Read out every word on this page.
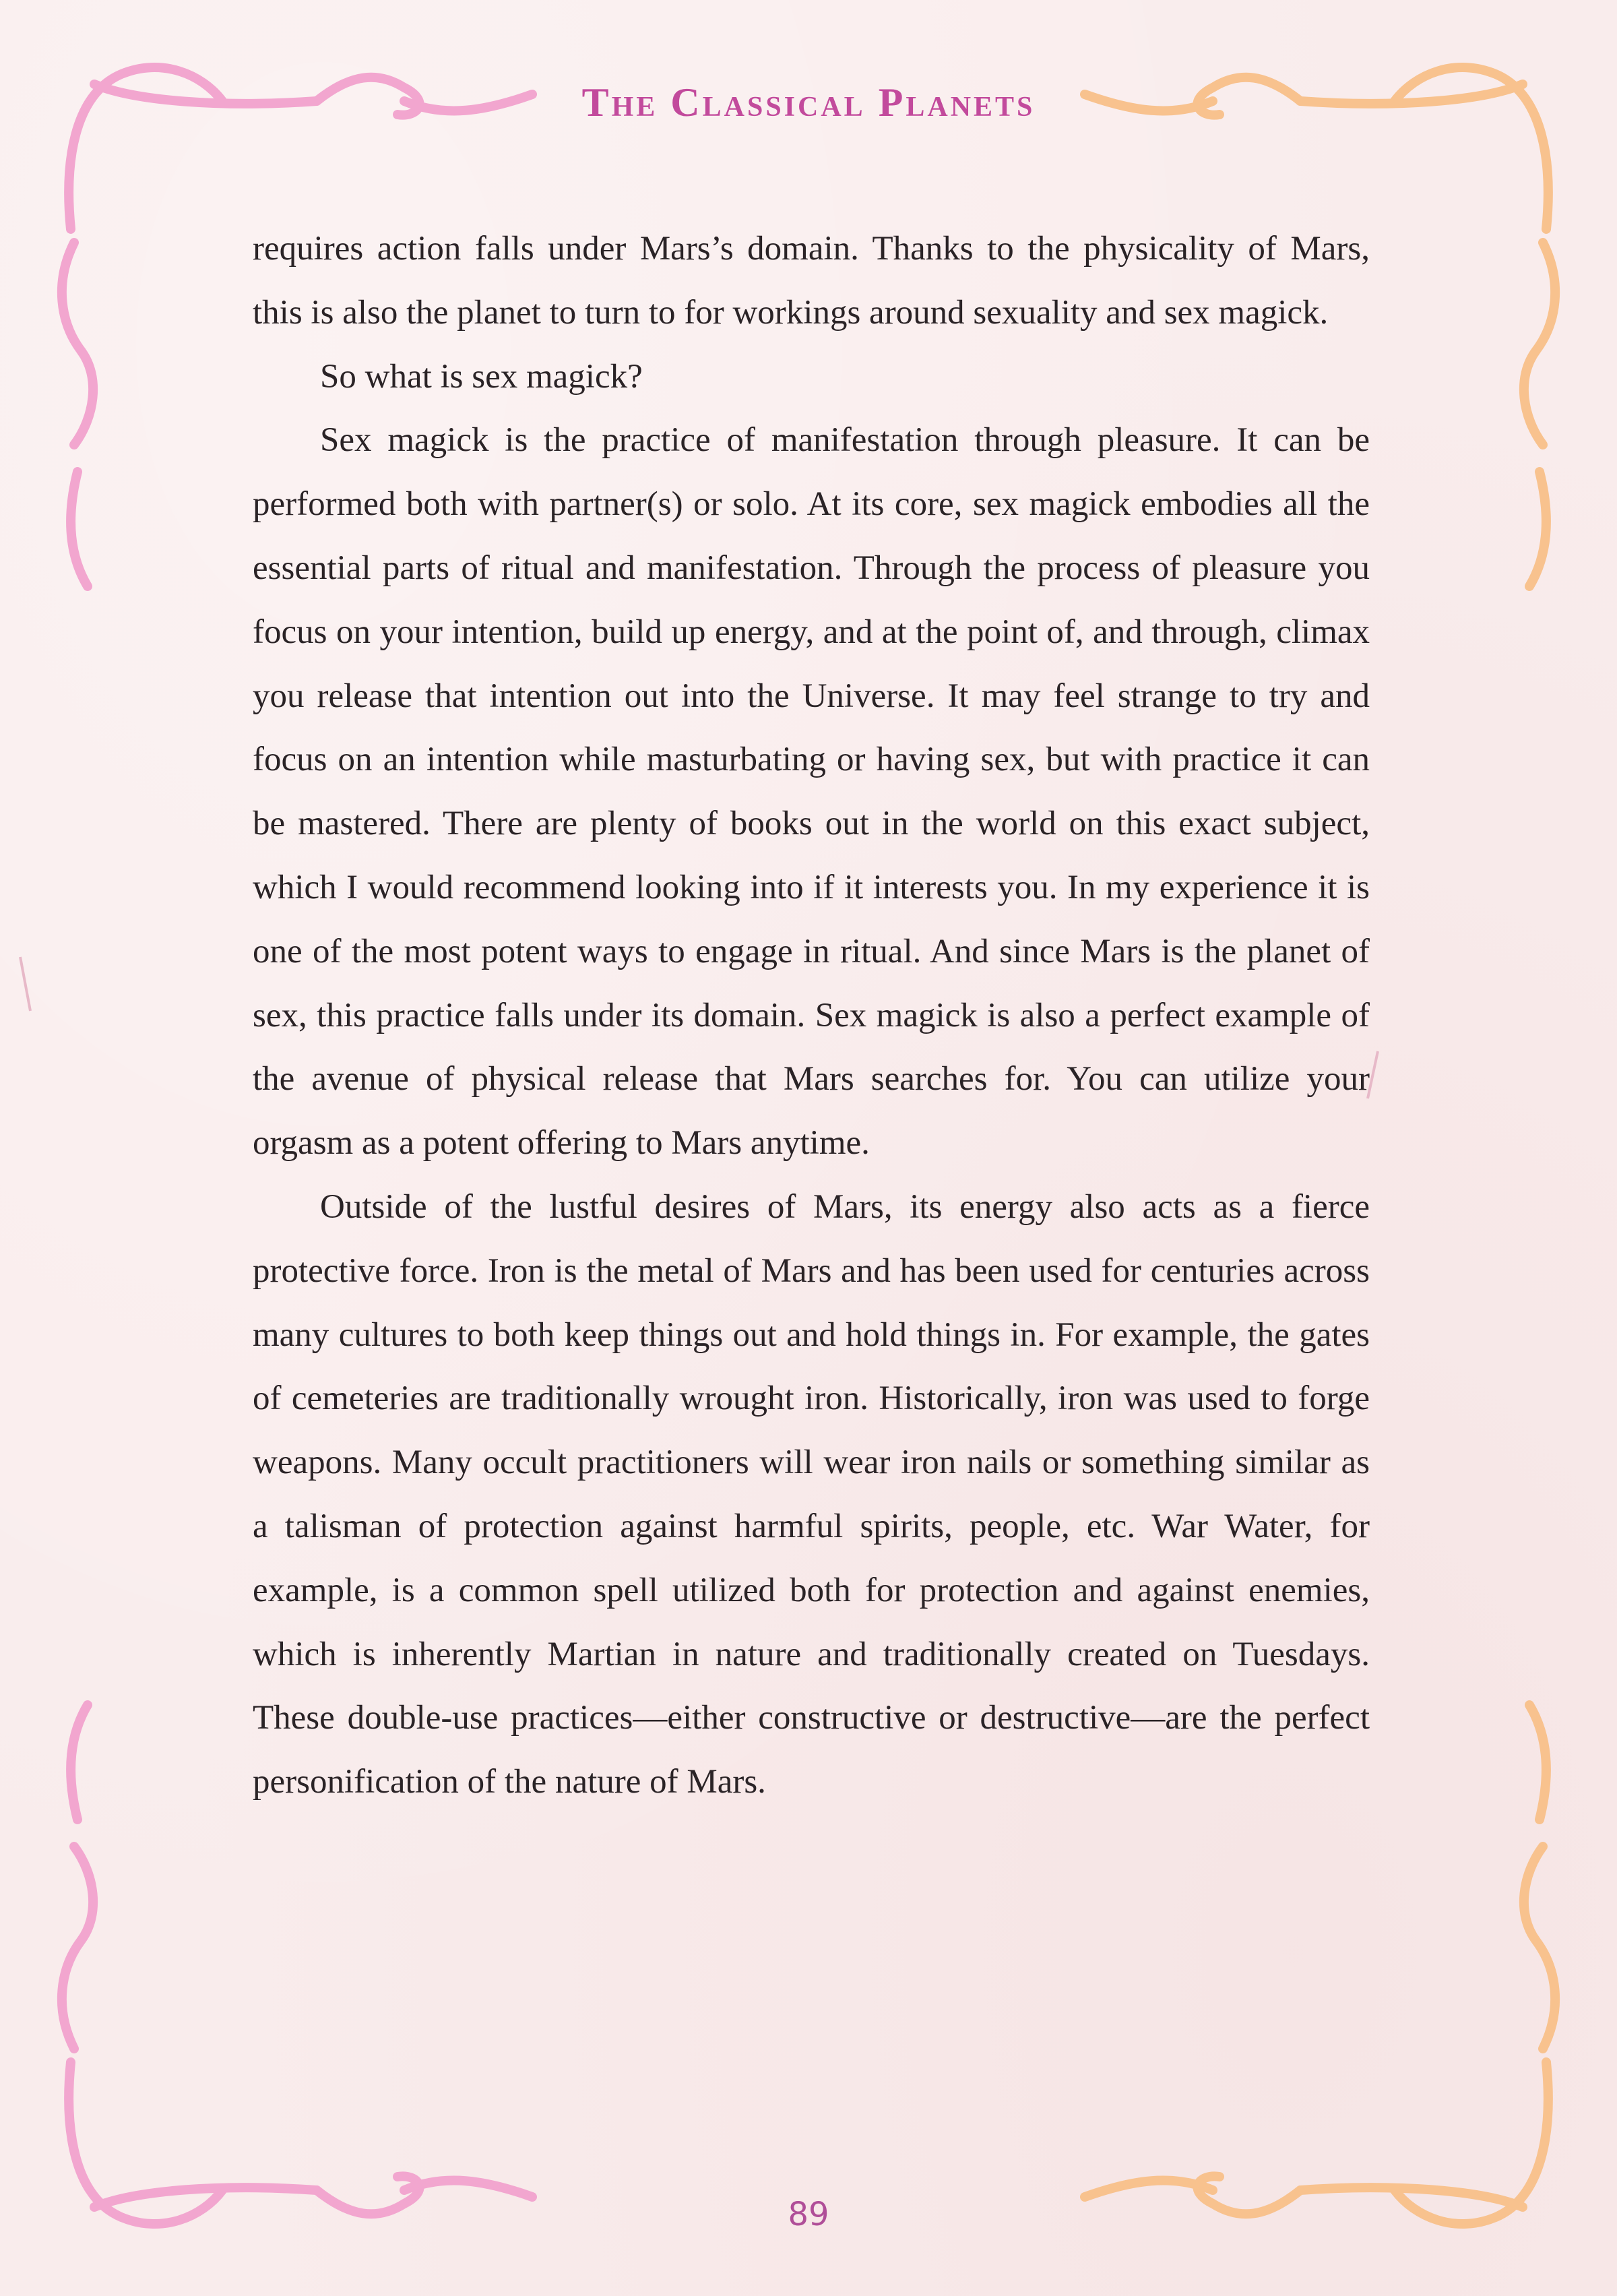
The Classical Planets

requires action falls under Mars’s domain. Thanks to the physicality of Mars, this is also the planet to turn to for workings around sexuality and sex magick.

So what is sex magick?

Sex magick is the practice of manifestation through pleasure. It can be performed both with partner(s) or solo. At its core, sex magick embodies all the essential parts of ritual and manifestation. Through the process of pleasure you focus on your intention, build up energy, and at the point of, and through, climax you release that intention out into the Universe. It may feel strange to try and focus on an intention while masturbating or having sex, but with practice it can be mastered. There are plenty of books out in the world on this exact subject, which I would recommend looking into if it interests you. In my experience it is one of the most potent ways to engage in ritual. And since Mars is the planet of sex, this practice falls under its domain. Sex magick is also a perfect example of the avenue of physical release that Mars searches for. You can utilize your orgasm as a potent offering to Mars anytime.

Outside of the lustful desires of Mars, its energy also acts as a fierce protective force. Iron is the metal of Mars and has been used for centuries across many cultures to both keep things out and hold things in. For example, the gates of cemeteries are traditionally wrought iron. Historically, iron was used to forge weapons. Many occult practitioners will wear iron nails or something similar as a talisman of protection against harmful spirits, people, etc. War Water, for example, is a common spell utilized both for protection and against enemies, which is inherently Martian in nature and traditionally created on Tuesdays. These double-use practices—either constructive or destructive—are the perfect personification of the nature of Mars.

89
